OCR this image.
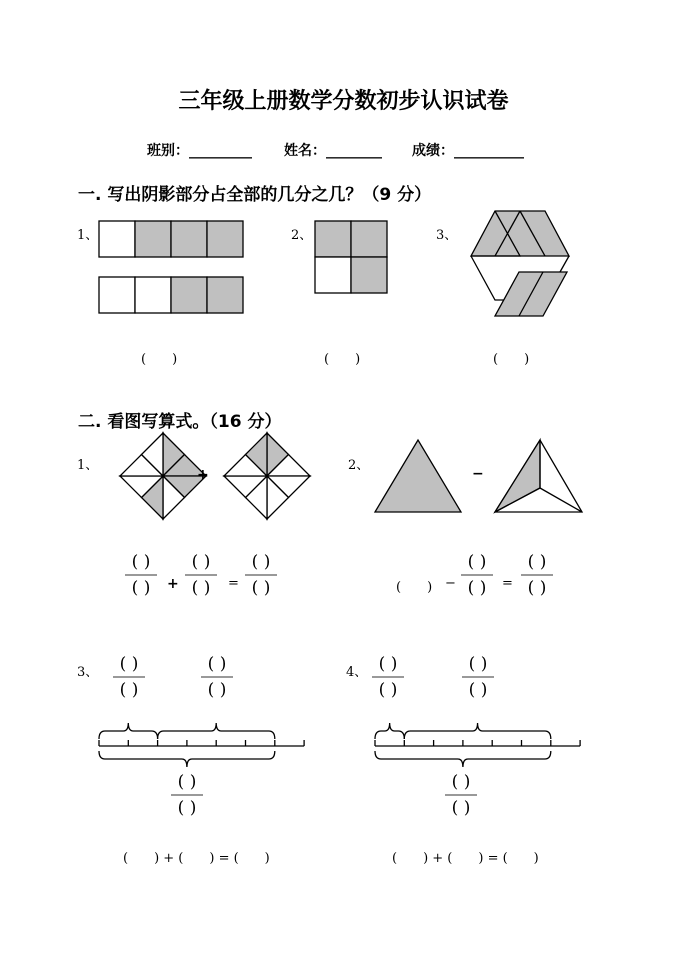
三年级上册数学分数初步认识试卷
班别：_________ 姓名：________ 成绩：__________
一. 写出阴影部分占全部的几分之几？（9 分）
1、	2、	3、
(　　)	(　　)	(　　)
二. 看图写算式。（16 分）
1、
+
2、
−
( )
( )	+
( )
( )	=
( )
( )	(　　) −
( )
( )	=
( )
( )
3、	( )
( )
( )
( )
( )
( )
(　　) + (　　) = (　　)
4、 ( )
( )
( )
( )
( )
( )
(　　) + (　　) = (　　)
